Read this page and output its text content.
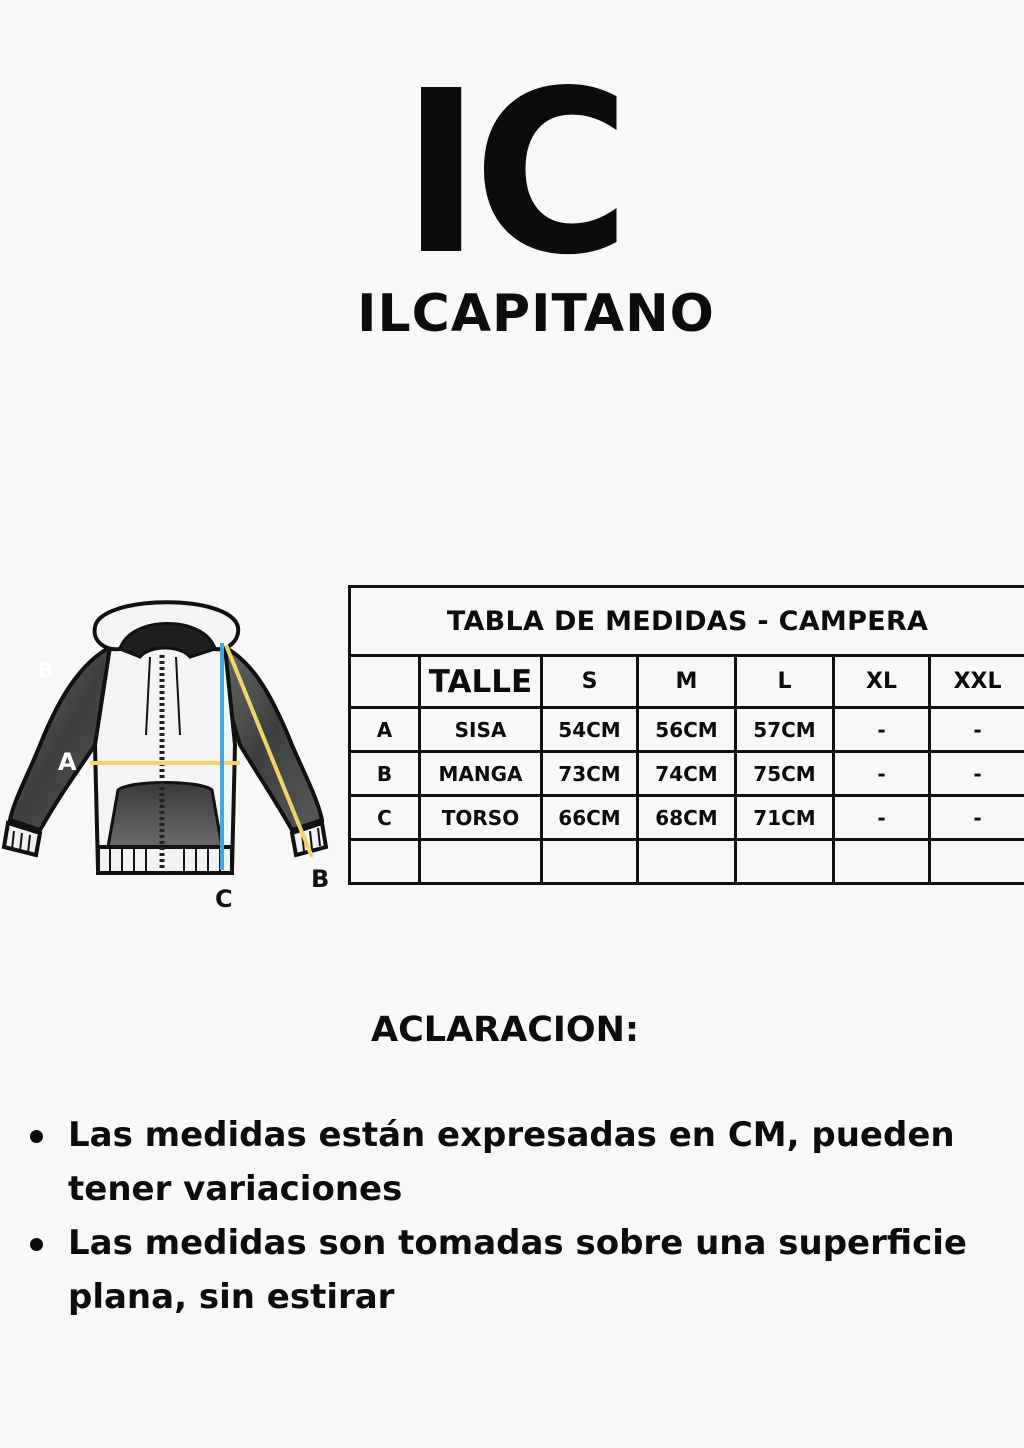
IC
ILCAPITANO
B
A
C
B
TABLA DE MEDIDAS - CAMPERA						
	TALLE	S	M	L	XL	XXL
A	SISA	54CM	56CM	57CM	-	-
B	MANGA	73CM	74CM	75CM	-	-
C	TORSO	66CM	68CM	71CM	-	-

ACLARACION:
Las medidas están expresadas en CM, pueden tener variaciones
Las medidas son tomadas sobre una superficie plana, sin estirar
